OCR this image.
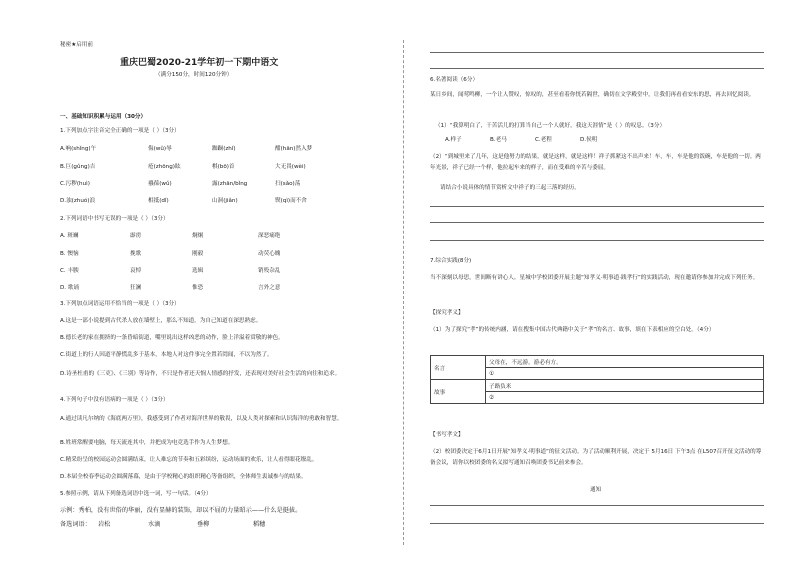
秘密★启用前
重庆巴蜀2020-21学年初一下期中语文
（满分150分，时间120分钟）
一、基础知识积累与运用（30分）
1.下列加点字注音完全正确的一项是（ ）（3分）
A.响(shǐng)午	侮(wǔ)辱	踟蹰(zhǐ)	酣(hān)然入梦
B.巨(ɡǔnɡ)吉	疮(zhōnɡ)眩	棋(bō)首	大无畏(wèi)
C.污秽(huì)	襁葆(wǔ)	露(zhān/bǐnɡ	扫(sǎo)荡
D.浊(zhuó)浪	相抵(dǐ)	山洞(jiǎn)	锲(qì)而不舍
2.下列词语中书写无误的一项是（ ）（3分）
A. 斑斓	霹雳	炯炯	深恶痛绝
B. 懊恼	挽歌	刚毅	动荧心魄
C. 丰腴	哀悼	选辑	销殁杂乱
D. 歌诵	狂澜	惟恐	言外之意
3.下列加点词语运用不恰当的一项是（ ）（3分）
A.这是一部小说提到古代杀人放在墙壁上，那么不知道，为自己知道在深思熟虑。
B.德长老的家在拥挤的一条昏暗街道，嘴里说出这样凶恶的动作，脸上洋溢着赏敬的神色。
C.街道上的行人因道平静慌乱多于基本，本地人对这件事完全置若罔闻，不以为然了。
D.诗圣杜甫的《三吏》、《三别》等诗作，不只是作者还天悯人情感的抒发，还表现对美好社会生活的向往和追求。
4.下列句子中没有语病的一项是（ ）（3分）
A.通过读凡尔纳的《海底两万里》，我感受到了作者对海洋世界的敬畏，以及人类对探索和认识海洋的勇敢和智慧。
B.姓班常醒要电脑，每天流连其中，并把成为电竞选手作为人生梦想。
C.精采纷呈的校园运动会圆满结束，让人难忘的节奏和五彩缤纷，运动场面的欢乐，让人看得眼花缭乱。
D.本届全校春季运动会圆满落幕，是由于学校精心的组织精心等备组织，全体师生衷诚参与的结果。
5.参照示例，请从下列备选词语中选一词，写一句话。（4分）
示例：秀柏，没有世俗的华丽，没有显赫的装饰，却以不屈的力量昭示——什么是挺拔。
备选词语： 岩松	水滴	垂柳	稻穗
6.名著阅读（6分）
某日乡间，闻莺鸣柳，一个让人赞叹，惊叹的，甚至看着你恍若隔世，确切在文学殿堂中，让我们再看看安东的思，再去回忆阅读。
（1）“我算明白了，干苦活儿的打算当自己一个人就好，我这天涯情”是（ ）的叹息。（3分）
A.样子	B.老马	C.老程	D.侯明
（2）“到城里来了几年，这是他努力的结果，就是这样，就是这样！祥子抓紧这不出声来！车，车，车是他的饭碗，车是他的一切。两年光景，祥子已经一个样，他拉起车来的样子，而在受难的辛苦与委屈。
请结合小说具体的情节赏析文中祥子的三起三落的经历。
7.综合实践(8分)
当不深刻以母思，世间断有讲心人。星城中学校团委开展主题“知孝义·明事道·践孝行”的实践活动，现在邀请你参加并完成下列任务。
【探究孝义】
（1）为了探究“孝”的传统内涵，请在搜集中国古代典籍中关于“孝”的名言、故事，填在下表相应的空白处。（4分）
名言	父母在，不远游，游必有方。
	①
故事	子路负米
	②
【书写孝文】
（2）校团委决定于6月1日开展“知孝义·明事道”的征文活动。为了活动顺利开展，决定于 5月16日 下午3点 在L507召开征文活动的筹备会议，请你以校团委的名义拟写通知召唤团委书记前来参会。
通知
